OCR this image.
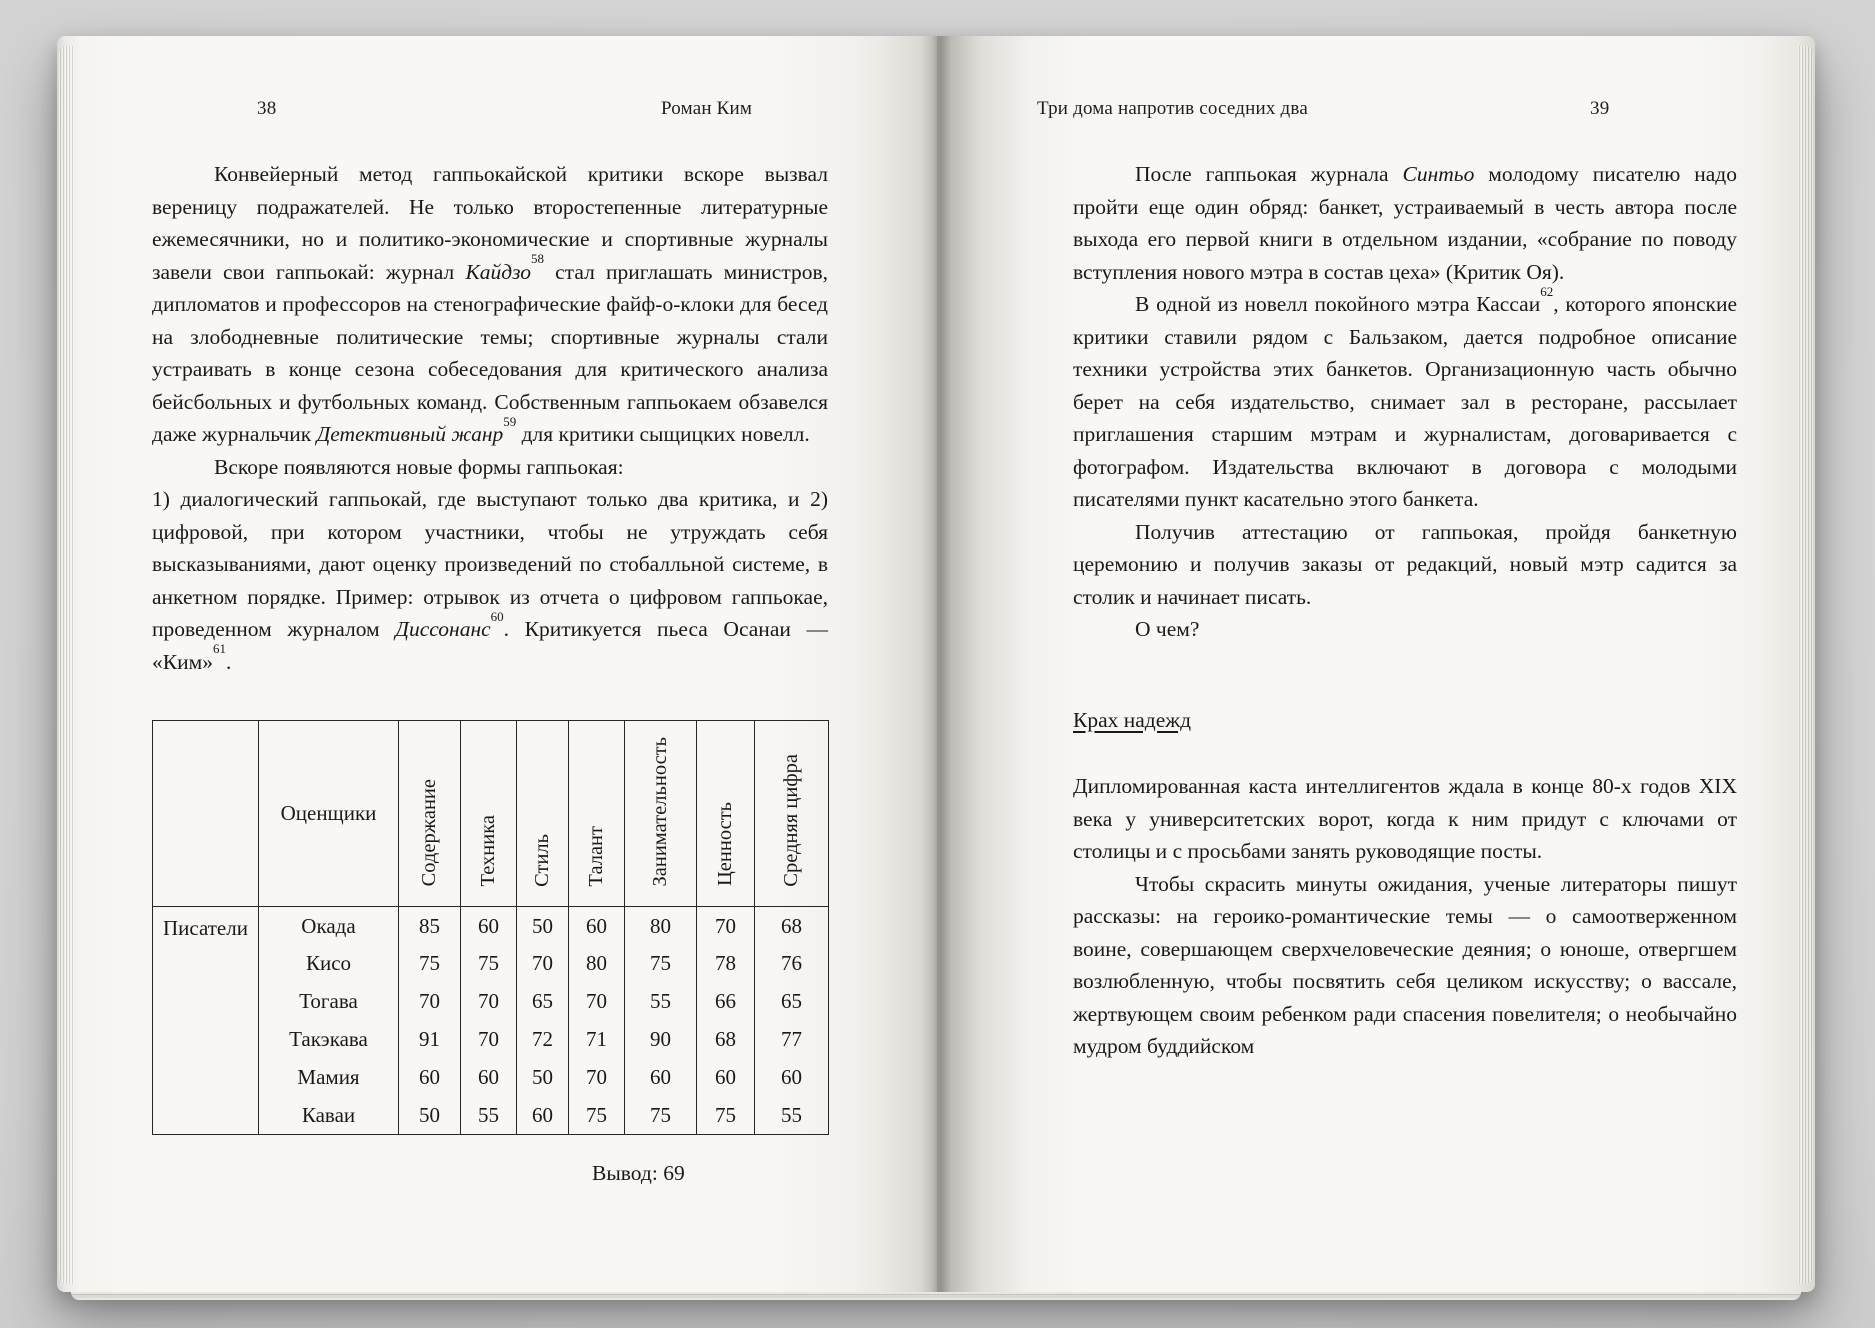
38	Роман Ким

Конвейерный метод гаппьокайской критики вскоре вызвал вереницу подражателей. Не только второстепенные литературные ежемесячники, но и политико-экономические и спортивные журналы завели свои гаппьокай: журнал Кайдзо$^{58}$ стал приглашать министров, дипломатов и профессоров на стенографические файф-о-клоки для бесед на злободневные политические темы; спортивные журналы стали устраивать в конце сезона собеседования для критического анализа бейсбольных и футбольных команд. Собственным гаппьокаем обзавелся даже журнальчик Детективный жанр$^{59}$ для критики сыщицких новелл.

Вскоре появляются новые формы гаппьокая:

1) диалогический гаппьокай, где выступают только два критика, и 2) цифровой, при котором участники, чтобы не утруждать себя высказываниями, дают оценку произведений по стобалльной системе, в анкетном порядке. Пример: отрывок из отчета о цифровом гаппьокае, проведенном журналом Диссонанс$^{60}$. Критикуется пьеса Осанаи — «Ким»$^{61}$.

	Оценщики	Содержание	Техника	Стиль	Талант	Занимательность	Ценность	Средняя цифра
Писатели	Окада	85	60	50	60	80	70	68
	Кисо	75	75	70	80	75	78	76
	Тогава	70	70	65	70	55	66	65
	Такэкава	91	70	72	71	90	68	77
	Мамия	60	60	50	70	60	60	60
	Каваи	50	55	60	75	75	75	55
Вывод: 69
Три дома напротив соседних два	39

После гаппьокая журнала Синтьо молодому писателю надо пройти еще один обряд: банкет, устраиваемый в честь автора после выхода его первой книги в отдельном издании, «собрание по поводу вступления нового мэтра в состав цеха» (Критик Оя).

В одной из новелл покойного мэтра Кассаи$^{62}$, которого японские критики ставили рядом с Бальзаком, дается подробное описание техники устройства этих банкетов. Организационную часть обычно берет на себя издательство, снимает зал в ресторане, рассылает приглашения старшим мэтрам и журналистам, договаривается с фотографом. Издательства включают в договора с молодыми писателями пункт касательно этого банкета.

Получив аттестацию от гаппьокая, пройдя банкетную церемонию и получив заказы от редакций, новый мэтр садится за столик и начинает писать.

О чем?

Крах надежд

Дипломированная каста интеллигентов ждала в конце 80-х годов XIX века у университетских ворот, когда к ним придут с ключами от столицы и с просьбами занять руководящие посты.

Чтобы скрасить минуты ожидания, ученые литераторы пишут рассказы: на героико-романтические темы — о самоотверженном воине, совершающем сверхчеловеческие деяния; о юноше, отвергшем возлюбленную, чтобы посвятить себя целиком искусству; о вассале, жертвующем своим ребенком ради спасения повелителя; о необычайно мудром буддийском
